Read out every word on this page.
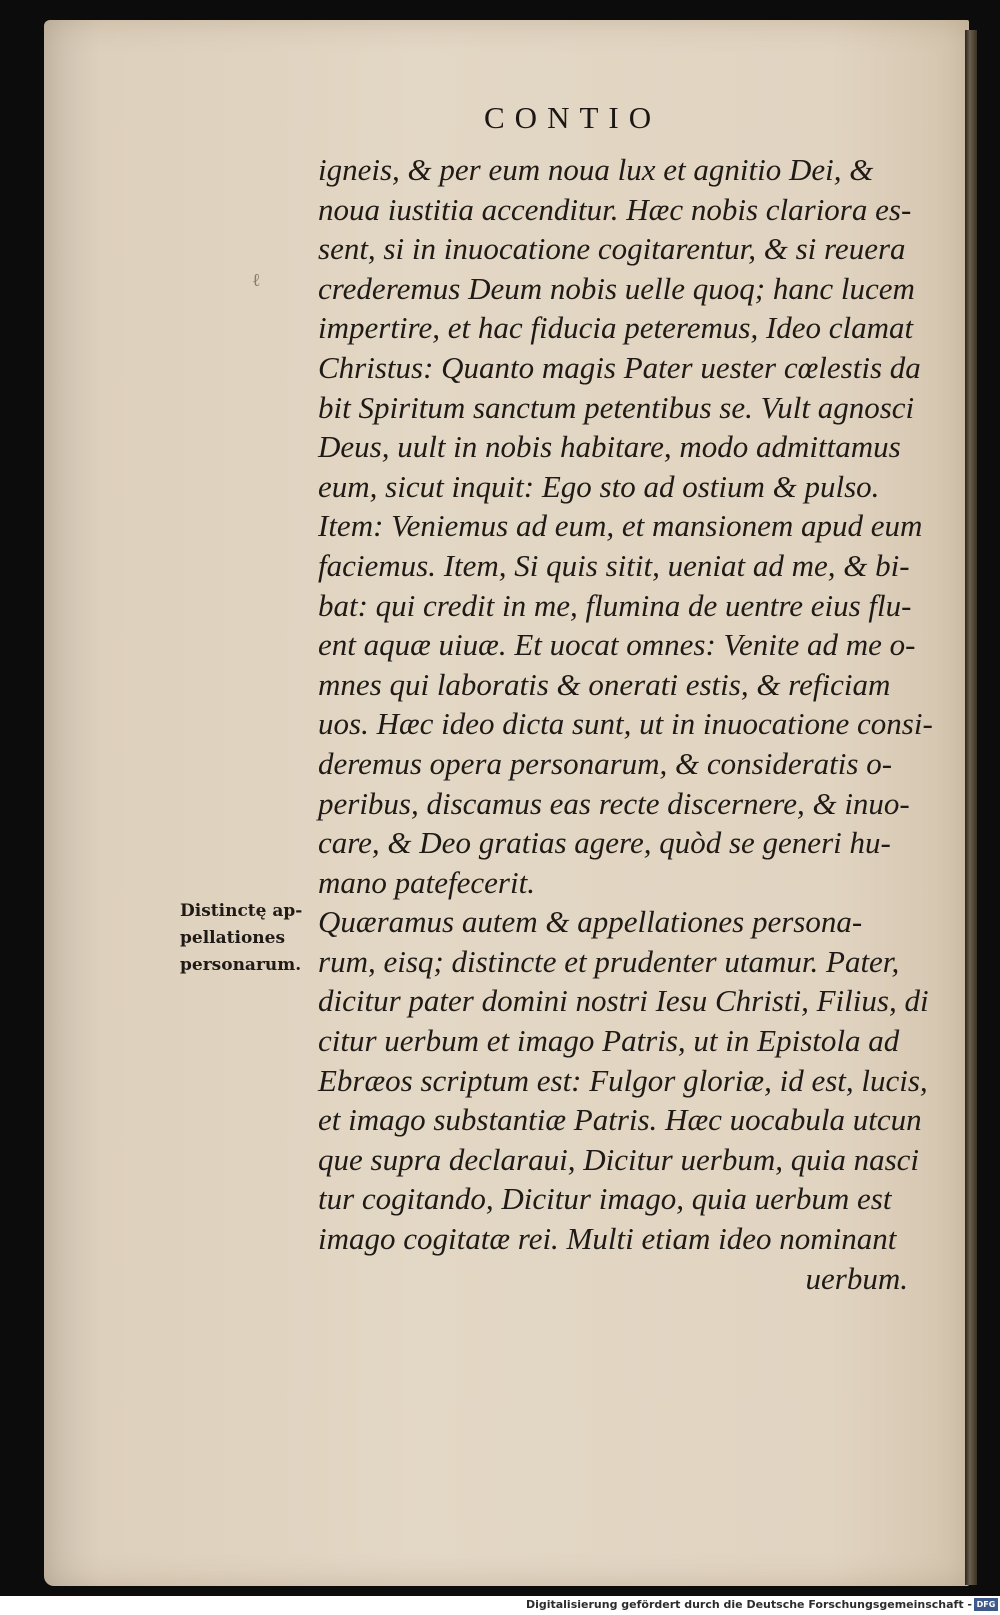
ℓ
CONTIO
igneis, & per eum noua lux et agnitio Dei, &
noua iustitia accenditur. Hæc nobis clariora es-
sent, si in inuocatione cogitarentur, & si reuera
crederemus Deum nobis uelle quoq; hanc lucem
impertire, et hac fiducia peteremus, Ideo clamat
Christus: Quanto magis Pater uester cœlestis da
bit Spiritum sanctum petentibus se. Vult agnosci
Deus, uult in nobis habitare, modo admittamus
eum, sicut inquit: Ego sto ad ostium & pulso.
Item: Veniemus ad eum, et mansionem apud eum
faciemus. Item, Si quis sitit, ueniat ad me, & bi-
bat: qui credit in me, flumina de uentre eius flu-
ent aquæ uiuæ. Et uocat omnes: Venite ad me o-
mnes qui laboratis & onerati estis, & reficiam
uos. Hæc ideo dicta sunt, ut in inuocatione consi-
deremus opera personarum, & consideratis o-
peribus, discamus eas recte discernere, & inuo-
care, & Deo gratias agere, quòd se generi hu-
mano patefecerit.
Quæramus autem & appellationes persona-
rum, eisq; distincte et prudenter utamur. Pater,
dicitur pater domini nostri Iesu Christi, Filius, di
citur uerbum et imago Patris, ut in Epistola ad
Ebræos scriptum est: Fulgor gloriæ, id est, lucis,
et imago substantiæ Patris. Hæc uocabula utcun
que supra declaraui, Dicitur uerbum, quia nasci
tur cogitando, Dicitur imago, quia uerbum est
imago cogitatæ rei. Multi etiam ideo nominant
uerbum.
Distinctę ap-
pellationes
personarum.
Digitalisierung gefördert durch die Deutsche Forschungsgemeinschaft - DFG
